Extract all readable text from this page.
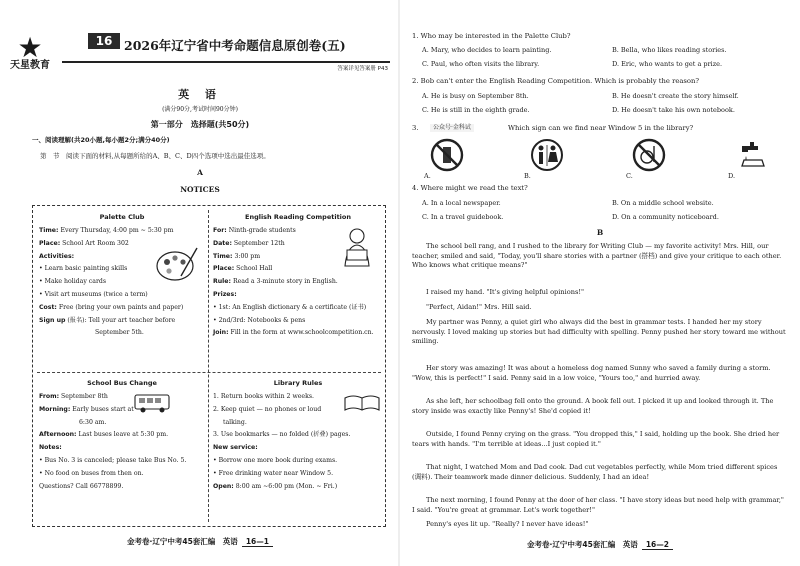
★
天星教育
16 2026年辽宁省中考命题信息原创卷(五)
答案详见答案册 P43
英 语
(满分90分,考试时间90分钟)
第一部分　选择题(共50分)
一、阅读理解(共20小题,每小题2分;满分40分)
第　节　阅读下面的材料,从每题所给的A、B、C、D四个选项中选出最佳选项。
A
NOTICES
Palette Club

Time: Every Thursday, 4:00 pm ~ 5:30 pm

Place: School Art Room 302

Activities:

• Learn basic painting skills

• Make holiday cards

• Visit art museums (twice a term)

Cost: Free (bring your own paints and paper)

Sign up (报名): Tell your art teacher before

September 5th.

English Reading Competition

For: Ninth-grade students

Date: September 12th

Time: 3:00 pm

Place: School Hall

Rule: Read a 3-minute story in English.

Prizes:

• 1st: An English dictionary & a certificate (证书)

• 2nd/3rd: Notebooks & pens

Join: Fill in the form at www.schoolcompetition.cn.

School Bus Change

From: September 8th

Morning: Early buses start at

6:30 am.

Afternoon: Last buses leave at 5:30 pm.

Notes:

• Bus No. 3 is canceled; please take Bus No. 5.

• No food on buses from then on.

Questions? Call 66778899.

Library Rules

1. Return books within 2 weeks.

2. Keep quiet — no phones or loud

talking.

3. Use bookmarks — no folded (折叠) pages.

New service:

• Borrow one more book during exams.

• Free drinking water near Window 5.

Open: 8:00 am ~6:00 pm (Mon. ~ Fri.)

金考卷·辽宁中考45套汇编　英语 16—1
1. Who may be interested in the Palette Club?
A. Mary, who decides to learn painting.	B. Bella, who likes reading stories.
C. Paul, who often visits the library.	D. Eric, who wants to get a prize.
2. Bob can't enter the English Reading Competition. Which is probably the reason?
A. He is busy on September 8th.	B. He doesn't create the story himself.
C. He is still in the eighth grade.	D. He doesn't take his own notebook.
3.	公众号·金科试	Which sign can we find near Window 5 in the library?
A.	B.	C.	D.
4. Where might we read the text?
A. In a local newspaper.	B. On a middle school website.
C. In a travel guidebook.	D. On a community noticeboard.
B
The school bell rang, and I rushed to the library for Writing Club — my favorite activity! Mrs. Hill, our teacher, smiled and said, "Today, you'll share stories with a partner (搭档) and give your critique to each other. Who knows what critique means?"
I raised my hand. "It's giving helpful opinions!"
"Perfect, Aidan!" Mrs. Hill said.
My partner was Penny, a quiet girl who always did the best in grammar tests. I handed her my story nervously. I loved making up stories but had difficulty with spelling. Penny pushed her story toward me without smiling.
Her story was amazing! It was about a homeless dog named Sunny who saved a family during a storm. "Wow, this is perfect!" I said. Penny said in a low voice, "Yours too," and hurried away.
As she left, her schoolbag fell onto the ground. A book fell out. I picked it up and looked through it. The story inside was exactly like Penny's! She'd copied it!
Outside, I found Penny crying on the grass. "You dropped this," I said, holding up the book. She dried her tears with hands. "I'm terrible at ideas...I just copied it."
That night, I watched Mom and Dad cook. Dad cut vegetables perfectly, while Mom tried different spices (调料). Their teamwork made dinner delicious. Suddenly, I had an idea!
The next morning, I found Penny at the door of her class. "I have story ideas but need help with grammar," I said. "You're great at grammar. Let's work together!"
Penny's eyes lit up. "Really? I never have ideas!"
金考卷·辽宁中考45套汇编　英语 16—2
